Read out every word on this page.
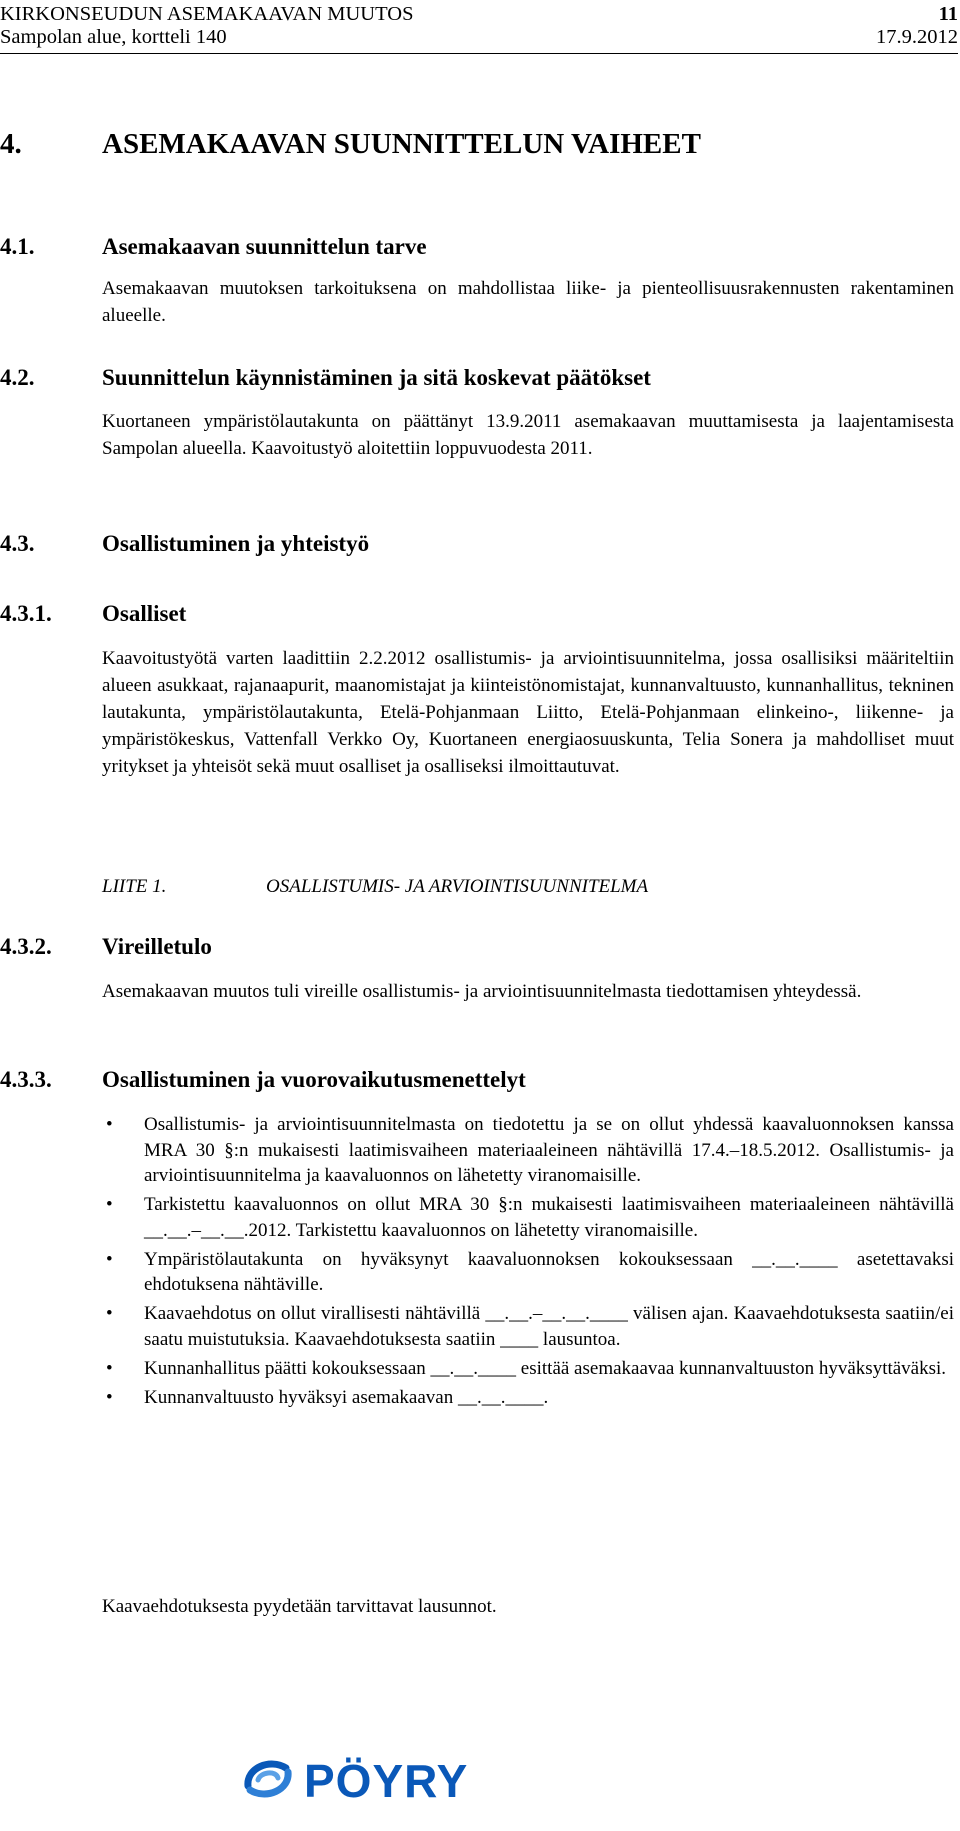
KIRKONSEUDUN ASEMAKAAVAN MUUTOS	11
Sampolan alue, kortteli 140	17.9.2012
4.	ASEMAKAAVAN SUUNNITTELUN VAIHEET
4.1.	Asemakaavan suunnittelun tarve

Asemakaavan muutoksen tarkoituksena on mahdollistaa liike- ja pienteollisuusrakennusten rakentaminen alueelle.

4.2.	Suunnittelun käynnistäminen ja sitä koskevat päätökset

Kuortaneen ympäristölautakunta on päättänyt 13.9.2011 asemakaavan muuttamisesta ja laajentamisesta Sampolan alueella. Kaavoitustyö aloitettiin loppuvuodesta 2011.

4.3.	Osallistuminen ja yhteistyö
4.3.1. Osalliset

Kaavoitustyötä varten laadittiin 2.2.2012 osallistumis- ja arviointisuunnitelma, jossa osallisiksi määriteltiin alueen asukkaat, rajanaapurit, maanomistajat ja kiinteistönomistajat, kunnanvaltuusto, kunnanhallitus, tekninen lautakunta, ympäristölautakunta, Etelä-Pohjanmaan Liitto, Etelä-Pohjanmaan elinkeino-, liikenne- ja ympäristökeskus, Vattenfall Verkko Oy, Kuortaneen energiaosuuskunta, Telia Sonera ja mahdolliset muut yritykset ja yhteisöt sekä muut osalliset ja osalliseksi ilmoittautuvat.

LIITE 1.	OSALLISTUMIS- JA ARVIOINTISUUNNITELMA
4.3.2. Vireilletulo

Asemakaavan muutos tuli vireille osallistumis- ja arviointisuunnitelmasta tiedottamisen yhteydessä.

4.3.3. Osallistuminen ja vuorovaikutusmenettelyt
• Osallistumis- ja arviointisuunnitelmasta on tiedotettu ja se on ollut yhdessä kaavaluonnoksen kanssa MRA 30 §:n mukaisesti laatimisvaiheen materiaaleineen nähtävillä 17.4.–18.5.2012. Osallistumis- ja arviointisuunnitelma ja kaavaluonnos on lähetetty viranomaisille.
• Tarkistettu kaavaluonnos on ollut MRA 30 §:n mukaisesti laatimisvaiheen materiaaleineen nähtävillä __.__.–__.__.2012. Tarkistettu kaavaluonnos on lähetetty viranomaisille.
• Ympäristölautakunta on hyväksynyt kaavaluonnoksen kokouksessaan __.__.____ asetettavaksi ehdotuksena nähtäville.
• Kaavaehdotus on ollut virallisesti nähtävillä __.__.–__.__.____ välisen ajan. Kaavaehdotuksesta saatiin/ei saatu muistutuksia. Kaavaehdotuksesta saatiin ____ lausuntoa.
• Kunnanhallitus päätti kokouksessaan __.__.____ esittää asemakaavaa kunnanvaltuuston hyväksyttäväksi.
• Kunnanvaltuusto hyväksyi asemakaavan __.__.____.

Kaavaehdotuksesta pyydetään tarvittavat lausunnot.

PÖYRY
